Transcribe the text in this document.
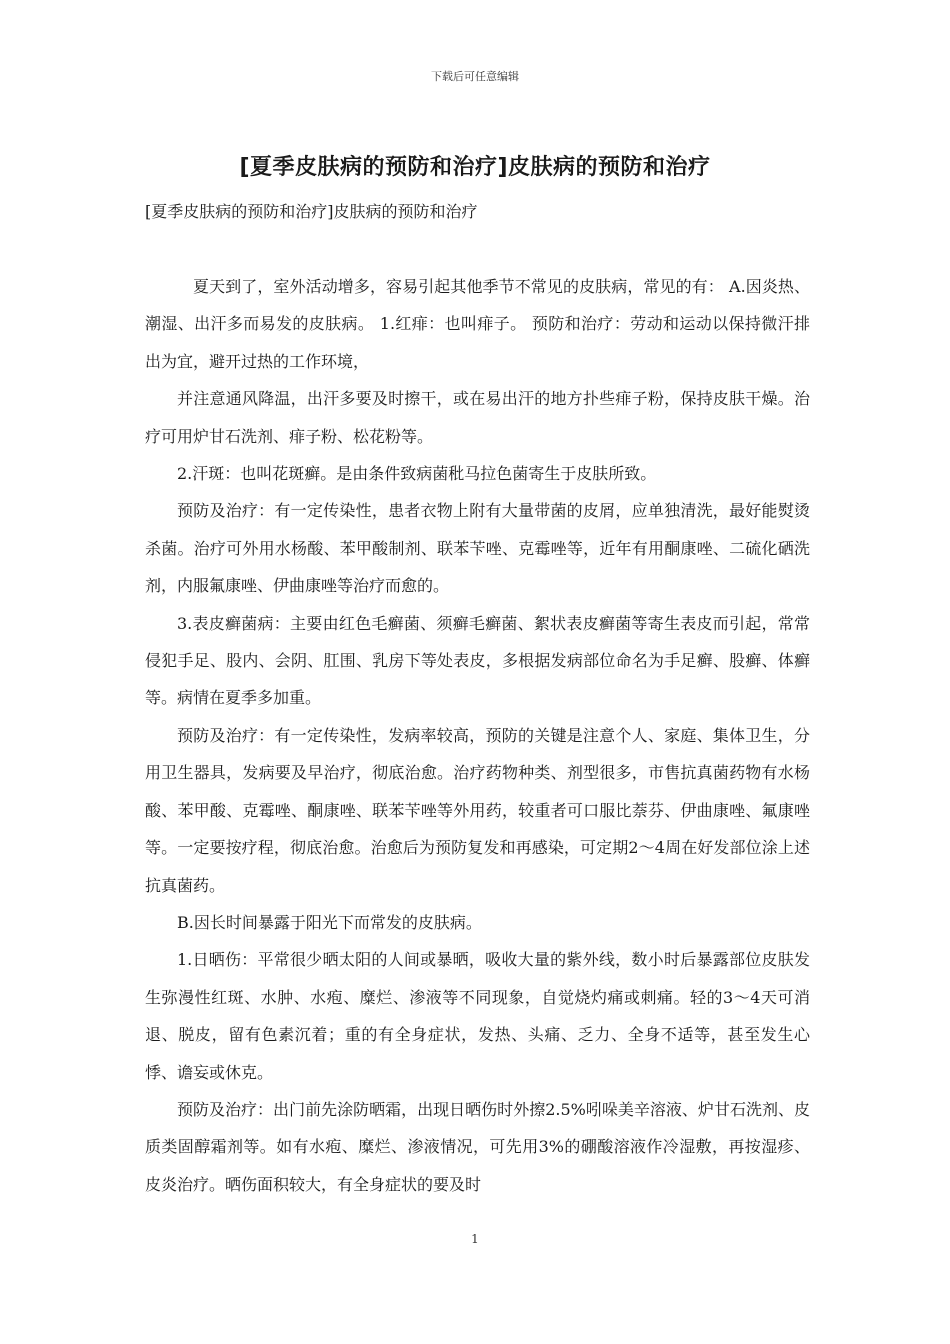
下载后可任意编辑
[夏季皮肤病的预防和治疗]皮肤病的预防和治疗
[夏季皮肤病的预防和治疗]皮肤病的预防和治疗

夏天到了，室外活动增多，容易引起其他季节不常见的皮肤病，常见的有： A.因炎热、潮湿、出汗多而易发的皮肤病。 1.红痱：也叫痱子。 预防和治疗：劳动和运动以保持微汗排出为宜，避开过热的工作环境，

并注意通风降温，出汗多要及时擦干，或在易出汗的地方扑些痱子粉，保持皮肤干燥。治疗可用炉甘石洗剂、痱子粉、松花粉等。

2.汗斑：也叫花斑癣。是由条件致病菌秕马拉色菌寄生于皮肤所致。

预防及治疗：有一定传染性，患者衣物上附有大量带菌的皮屑，应单独清洗，最好能熨烫杀菌。治疗可外用水杨酸、苯甲酸制剂、联苯苄唑、克霉唑等，近年有用酮康唑、二硫化硒洗剂，内服氟康唑、伊曲康唑等治疗而愈的。

3.表皮癣菌病：主要由红色毛癣菌、须癣毛癣菌、絮状表皮癣菌等寄生表皮而引起，常常侵犯手足、股内、会阴、肛围、乳房下等处表皮，多根据发病部位命名为手足癣、股癣、体癣等。病情在夏季多加重。

预防及治疗：有一定传染性，发病率较高，预防的关键是注意个人、家庭、集体卫生，分用卫生器具，发病要及早治疗，彻底治愈。治疗药物种类、剂型很多，市售抗真菌药物有水杨酸、苯甲酸、克霉唑、酮康唑、联苯苄唑等外用药，较重者可口服比萘芬、伊曲康唑、氟康唑等。一定要按疗程，彻底治愈。治愈后为预防复发和再感染，可定期2～4周在好发部位涂上述抗真菌药。

B.因长时间暴露于阳光下而常发的皮肤病。

1.日晒伤：平常很少晒太阳的人间或暴晒，吸收大量的紫外线，数小时后暴露部位皮肤发生弥漫性红斑、水肿、水疱、糜烂、渗液等不同现象，自觉烧灼痛或刺痛。轻的3～4天可消退、脱皮，留有色素沉着；重的有全身症状，发热、头痛、乏力、全身不适等，甚至发生心悸、谵妄或休克。

预防及治疗：出门前先涂防晒霜，出现日晒伤时外擦2.5%吲哚美辛溶液、炉甘石洗剂、皮质类固醇霜剂等。如有水疱、糜烂、渗液情况，可先用3%的硼酸溶液作冷湿敷，再按湿疹、皮炎治疗。晒伤面积较大，有全身症状的要及时

1
